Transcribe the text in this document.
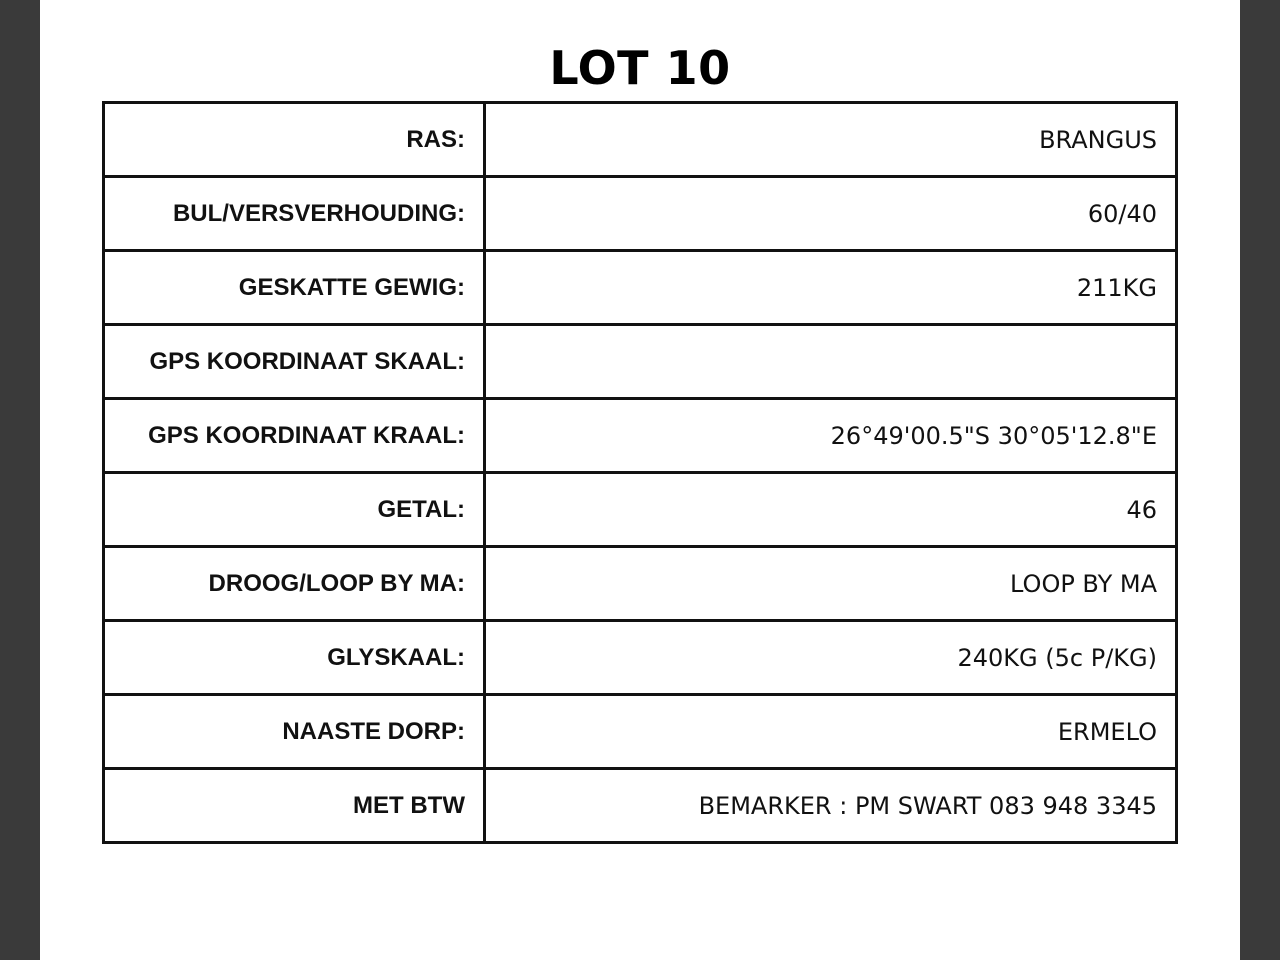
LOT 10
RAS:	BRANGUS
BUL/VERSVERHOUDING:	60/40
GESKATTE GEWIG:	211KG
GPS KOORDINAAT SKAAL:	
GPS KOORDINAAT KRAAL:	26°49'00.5"S 30°05'12.8"E
GETAL:	46
DROOG/LOOP BY MA:	LOOP BY MA
GLYSKAAL:	240KG (5c P/KG)
NAASTE DORP:	ERMELO
MET BTW	BEMARKER : PM SWART 083 948 3345
